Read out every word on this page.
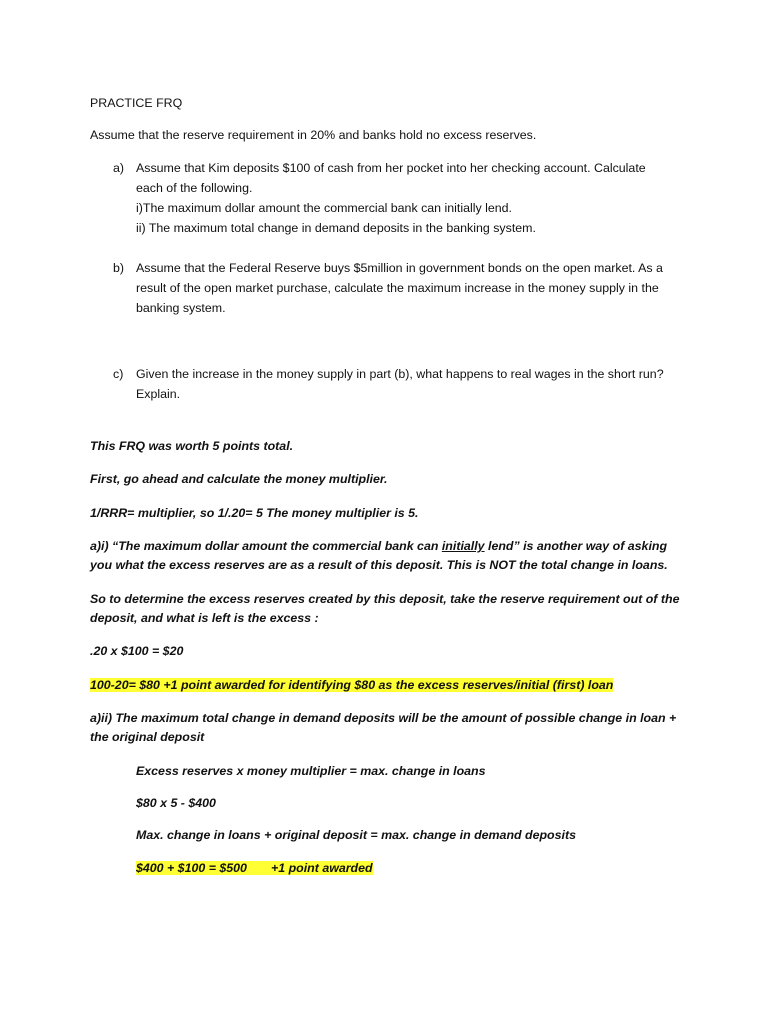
PRACTICE FRQ
Assume that the reserve requirement in 20% and banks hold no excess reserves.
a) Assume that Kim deposits $100 of cash from her pocket into her checking account. Calculate
each of the following.
i)The maximum dollar amount the commercial bank can initially lend.
ii) The maximum total change in demand deposits in the banking system.
b) Assume that the Federal Reserve buys $5million in government bonds on the open market. As a
result of the open market purchase, calculate the maximum increase in the money supply in the
banking system.
c) Given the increase in the money supply in part (b), what happens to real wages in the short run?
Explain.
This FRQ was worth 5 points total.
First, go ahead and calculate the money multiplier.
1/RRR= multiplier, so 1/.20= 5 The money multiplier is 5.
a)i) “The maximum dollar amount the commercial bank can initially lend” is another way of asking
you what the excess reserves are as a result of this deposit. This is NOT the total change in loans.
So to determine the excess reserves created by this deposit, take the reserve requirement out of the
deposit, and what is left is the excess :
.20 x $100 = $20
100-20= $80 +1 point awarded for identifying $80 as the excess reserves/initial (first) loan
a)ii) The maximum total change in demand deposits will be the amount of possible change in loan +
the original deposit
Excess reserves x money multiplier = max. change in loans
$80 x 5 - $400
Max. change in loans + original deposit = max. change in demand deposits
$400 + $100 = $500       +1 point awarded
